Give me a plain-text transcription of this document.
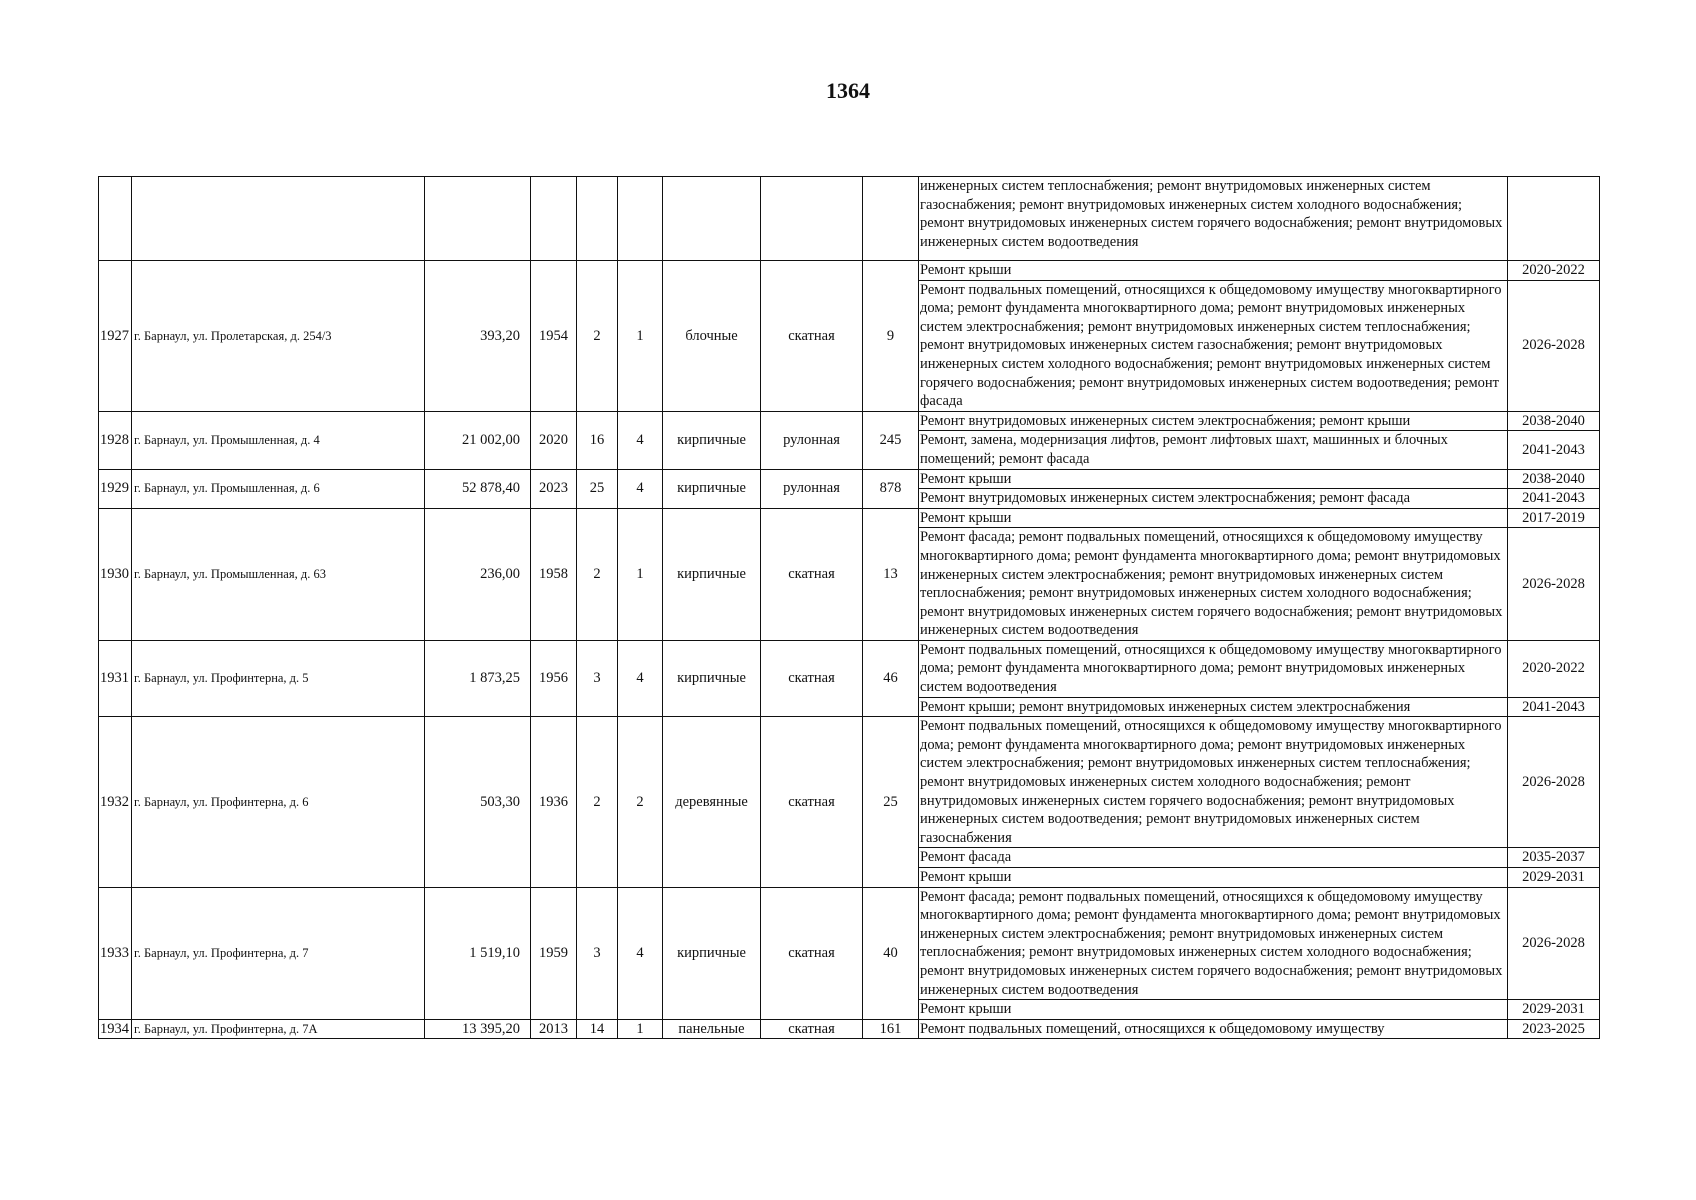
1364
									инженерных систем теплоснабжения; ремонт внутридомовых инженерных систем газоснабжения; ремонт внутридомовых инженерных систем холодного водоснабжения; ремонт внутридомовых инженерных систем горячего водоснабжения; ремонт внутридомовых инженерных систем водоотведения	
1927	г. Барнаул, ул. Пролетарская, д. 254/3	393,20	1954	2	1	блочные	скатная	9	Ремонт крыши	2020-2022
									Ремонт подвальных помещений, относящихся к общедомовому имуществу многоквартирного дома; ремонт фундамента многоквартирного дома; ремонт внутридомовых инженерных систем электроснабжения; ремонт внутридомовых инженерных систем теплоснабжения; ремонт внутридомовых инженерных систем газоснабжения; ремонт внутридомовых инженерных систем холодного водоснабжения; ремонт внутридомовых инженерных систем горячего водоснабжения; ремонт внутридомовых инженерных систем водоотведения; ремонт фасада	2026-2028
1928	г. Барнаул, ул. Промышленная, д. 4	21 002,00	2020	16	4	кирпичные	рулонная	245	Ремонт внутридомовых инженерных систем электроснабжения; ремонт крыши	2038-2040
									Ремонт, замена, модернизация лифтов, ремонт лифтовых шахт, машинных и блочных помещений; ремонт фасада	2041-2043
1929	г. Барнаул, ул. Промышленная, д. 6	52 878,40	2023	25	4	кирпичные	рулонная	878	Ремонт крыши	2038-2040
									Ремонт внутридомовых инженерных систем электроснабжения; ремонт фасада	2041-2043
1930	г. Барнаул, ул. Промышленная, д. 63	236,00	1958	2	1	кирпичные	скатная	13	Ремонт крыши	2017-2019
									Ремонт фасада; ремонт подвальных помещений, относящихся к общедомовому имуществу многоквартирного дома; ремонт фундамента многоквартирного дома; ремонт внутридомовых инженерных систем электроснабжения; ремонт внутридомовых инженерных систем теплоснабжения; ремонт внутридомовых инженерных систем холодного водоснабжения; ремонт внутридомовых инженерных систем горячего водоснабжения; ремонт внутридомовых инженерных систем водоотведения	2026-2028
1931	г. Барнаул, ул. Профинтерна, д. 5	1 873,25	1956	3	4	кирпичные	скатная	46	Ремонт подвальных помещений, относящихся к общедомовому имуществу многоквартирного дома; ремонт фундамента многоквартирного дома; ремонт внутридомовых инженерных систем водоотведения	2020-2022
									Ремонт крыши; ремонт внутридомовых инженерных систем электроснабжения	2041-2043
1932	г. Барнаул, ул. Профинтерна, д. 6	503,30	1936	2	2	деревянные	скатная	25	Ремонт подвальных помещений, относящихся к общедомовому имуществу многоквартирного дома; ремонт фундамента многоквартирного дома; ремонт внутридомовых инженерных систем электроснабжения; ремонт внутридомовых инженерных систем теплоснабжения; ремонт внутридомовых инженерных систем холодного водоснабжения; ремонт внутридомовых инженерных систем горячего водоснабжения; ремонт внутридомовых инженерных систем водоотведения; ремонт внутридомовых инженерных систем газоснабжения	2026-2028
									Ремонт фасада	2035-2037
									Ремонт крыши	2029-2031
1933	г. Барнаул, ул. Профинтерна, д. 7	1 519,10	1959	3	4	кирпичные	скатная	40	Ремонт фасада; ремонт подвальных помещений, относящихся к общедомовому имуществу многоквартирного дома; ремонт фундамента многоквартирного дома; ремонт внутридомовых инженерных систем электроснабжения; ремонт внутридомовых инженерных систем теплоснабжения; ремонт внутридомовых инженерных систем холодного водоснабжения; ремонт внутридомовых инженерных систем горячего водоснабжения; ремонт внутридомовых инженерных систем водоотведения	2026-2028
									Ремонт крыши	2029-2031
1934	г. Барнаул, ул. Профинтерна, д. 7А	13 395,20	2013	14	1	панельные	скатная	161	Ремонт подвальных помещений, относящихся к общедомовому имуществу	2023-2025
